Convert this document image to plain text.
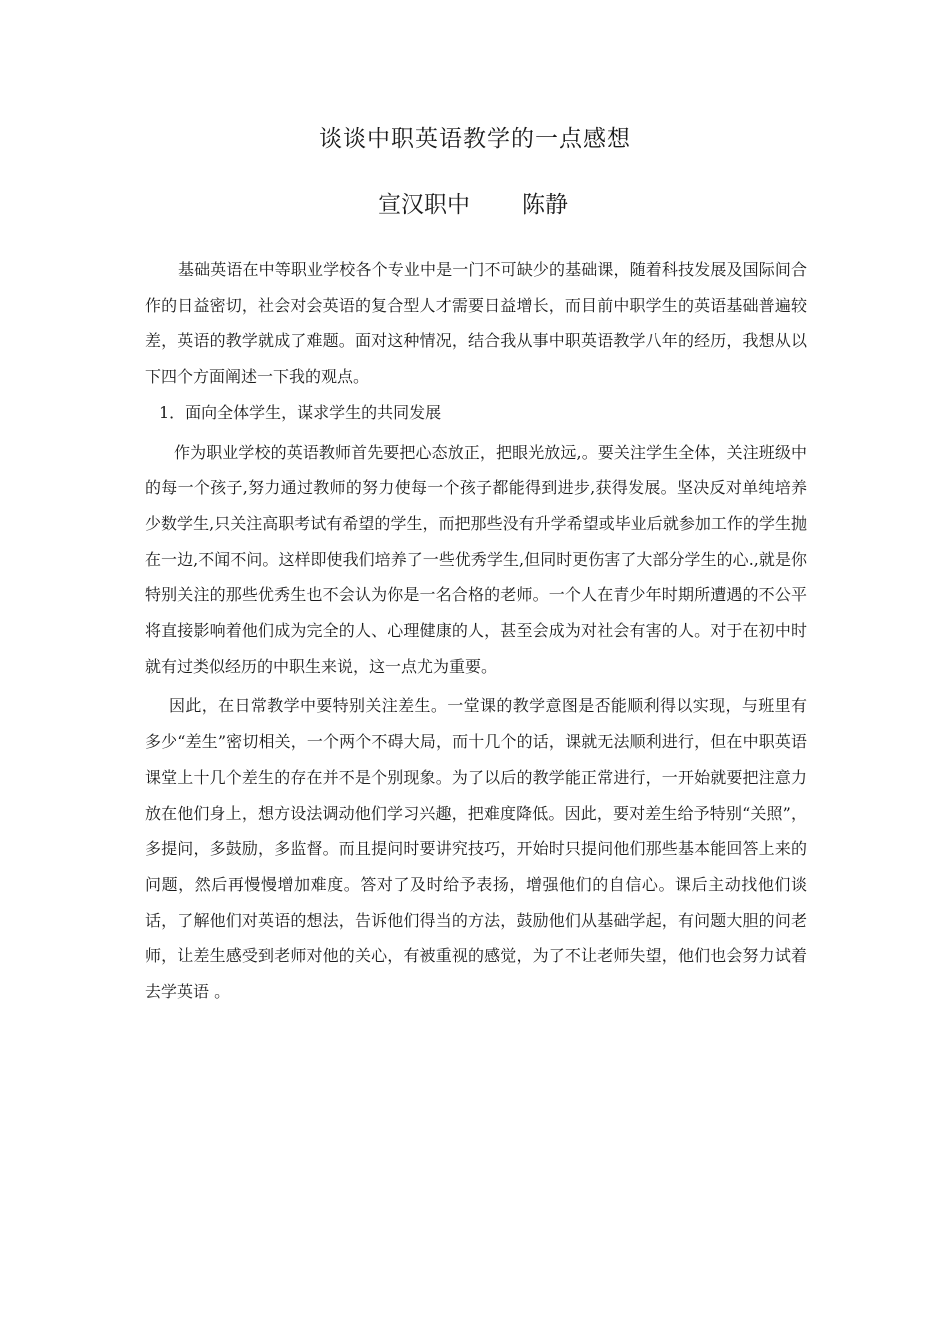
谈谈中职英语教学的一点感想
宣汉职中 陈静

基础英语在中等职业学校各个专业中是一门不可缺少的基础课，随着科技发展及国际间合作的日益密切，社会对会英语的复合型人才需要日益增长，而目前中职学生的英语基础普遍较差，英语的教学就成了难题。面对这种情况，结合我从事中职英语教学八年的经历，我想从以下四个方面阐述一下我的观点。

1．面向全体学生，谋求学生的共同发展

作为职业学校的英语教师首先要把心态放正，把眼光放远,。要关注学生全体，关注班级中的每一个孩子,努力通过教师的努力使每一个孩子都能得到进步,获得发展。坚决反对单纯培养少数学生,只关注高职考试有希望的学生，而把那些没有升学希望或毕业后就参加工作的学生抛在一边,不闻不问。这样即使我们培养了一些优秀学生,但同时更伤害了大部分学生的心.,就是你特别关注的那些优秀生也不会认为你是一名合格的老师。一个人在青少年时期所遭遇的不公平将直接影响着他们成为完全的人、心理健康的人，甚至会成为对社会有害的人。对于在初中时就有过类似经历的中职生来说，这一点尤为重要。

因此，在日常教学中要特别关注差生。一堂课的教学意图是否能顺利得以实现，与班里有多少“差生”密切相关，一个两个不碍大局，而十几个的话，课就无法顺利进行，但在中职英语课堂上十几个差生的存在并不是个别现象。为了以后的教学能正常进行，一开始就要把注意力放在他们身上，想方设法调动他们学习兴趣，把难度降低。因此，要对差生给予特别“关照”，多提问，多鼓励，多监督。而且提问时要讲究技巧，开始时只提问他们那些基本能回答上来的问题，然后再慢慢增加难度。答对了及时给予表扬，增强他们的自信心。课后主动找他们谈话，了解他们对英语的想法，告诉他们得当的方法，鼓励他们从基础学起，有问题大胆的问老师，让差生感受到老师对他的关心，有被重视的感觉，为了不让老师失望，他们也会努力试着去学英语 。
